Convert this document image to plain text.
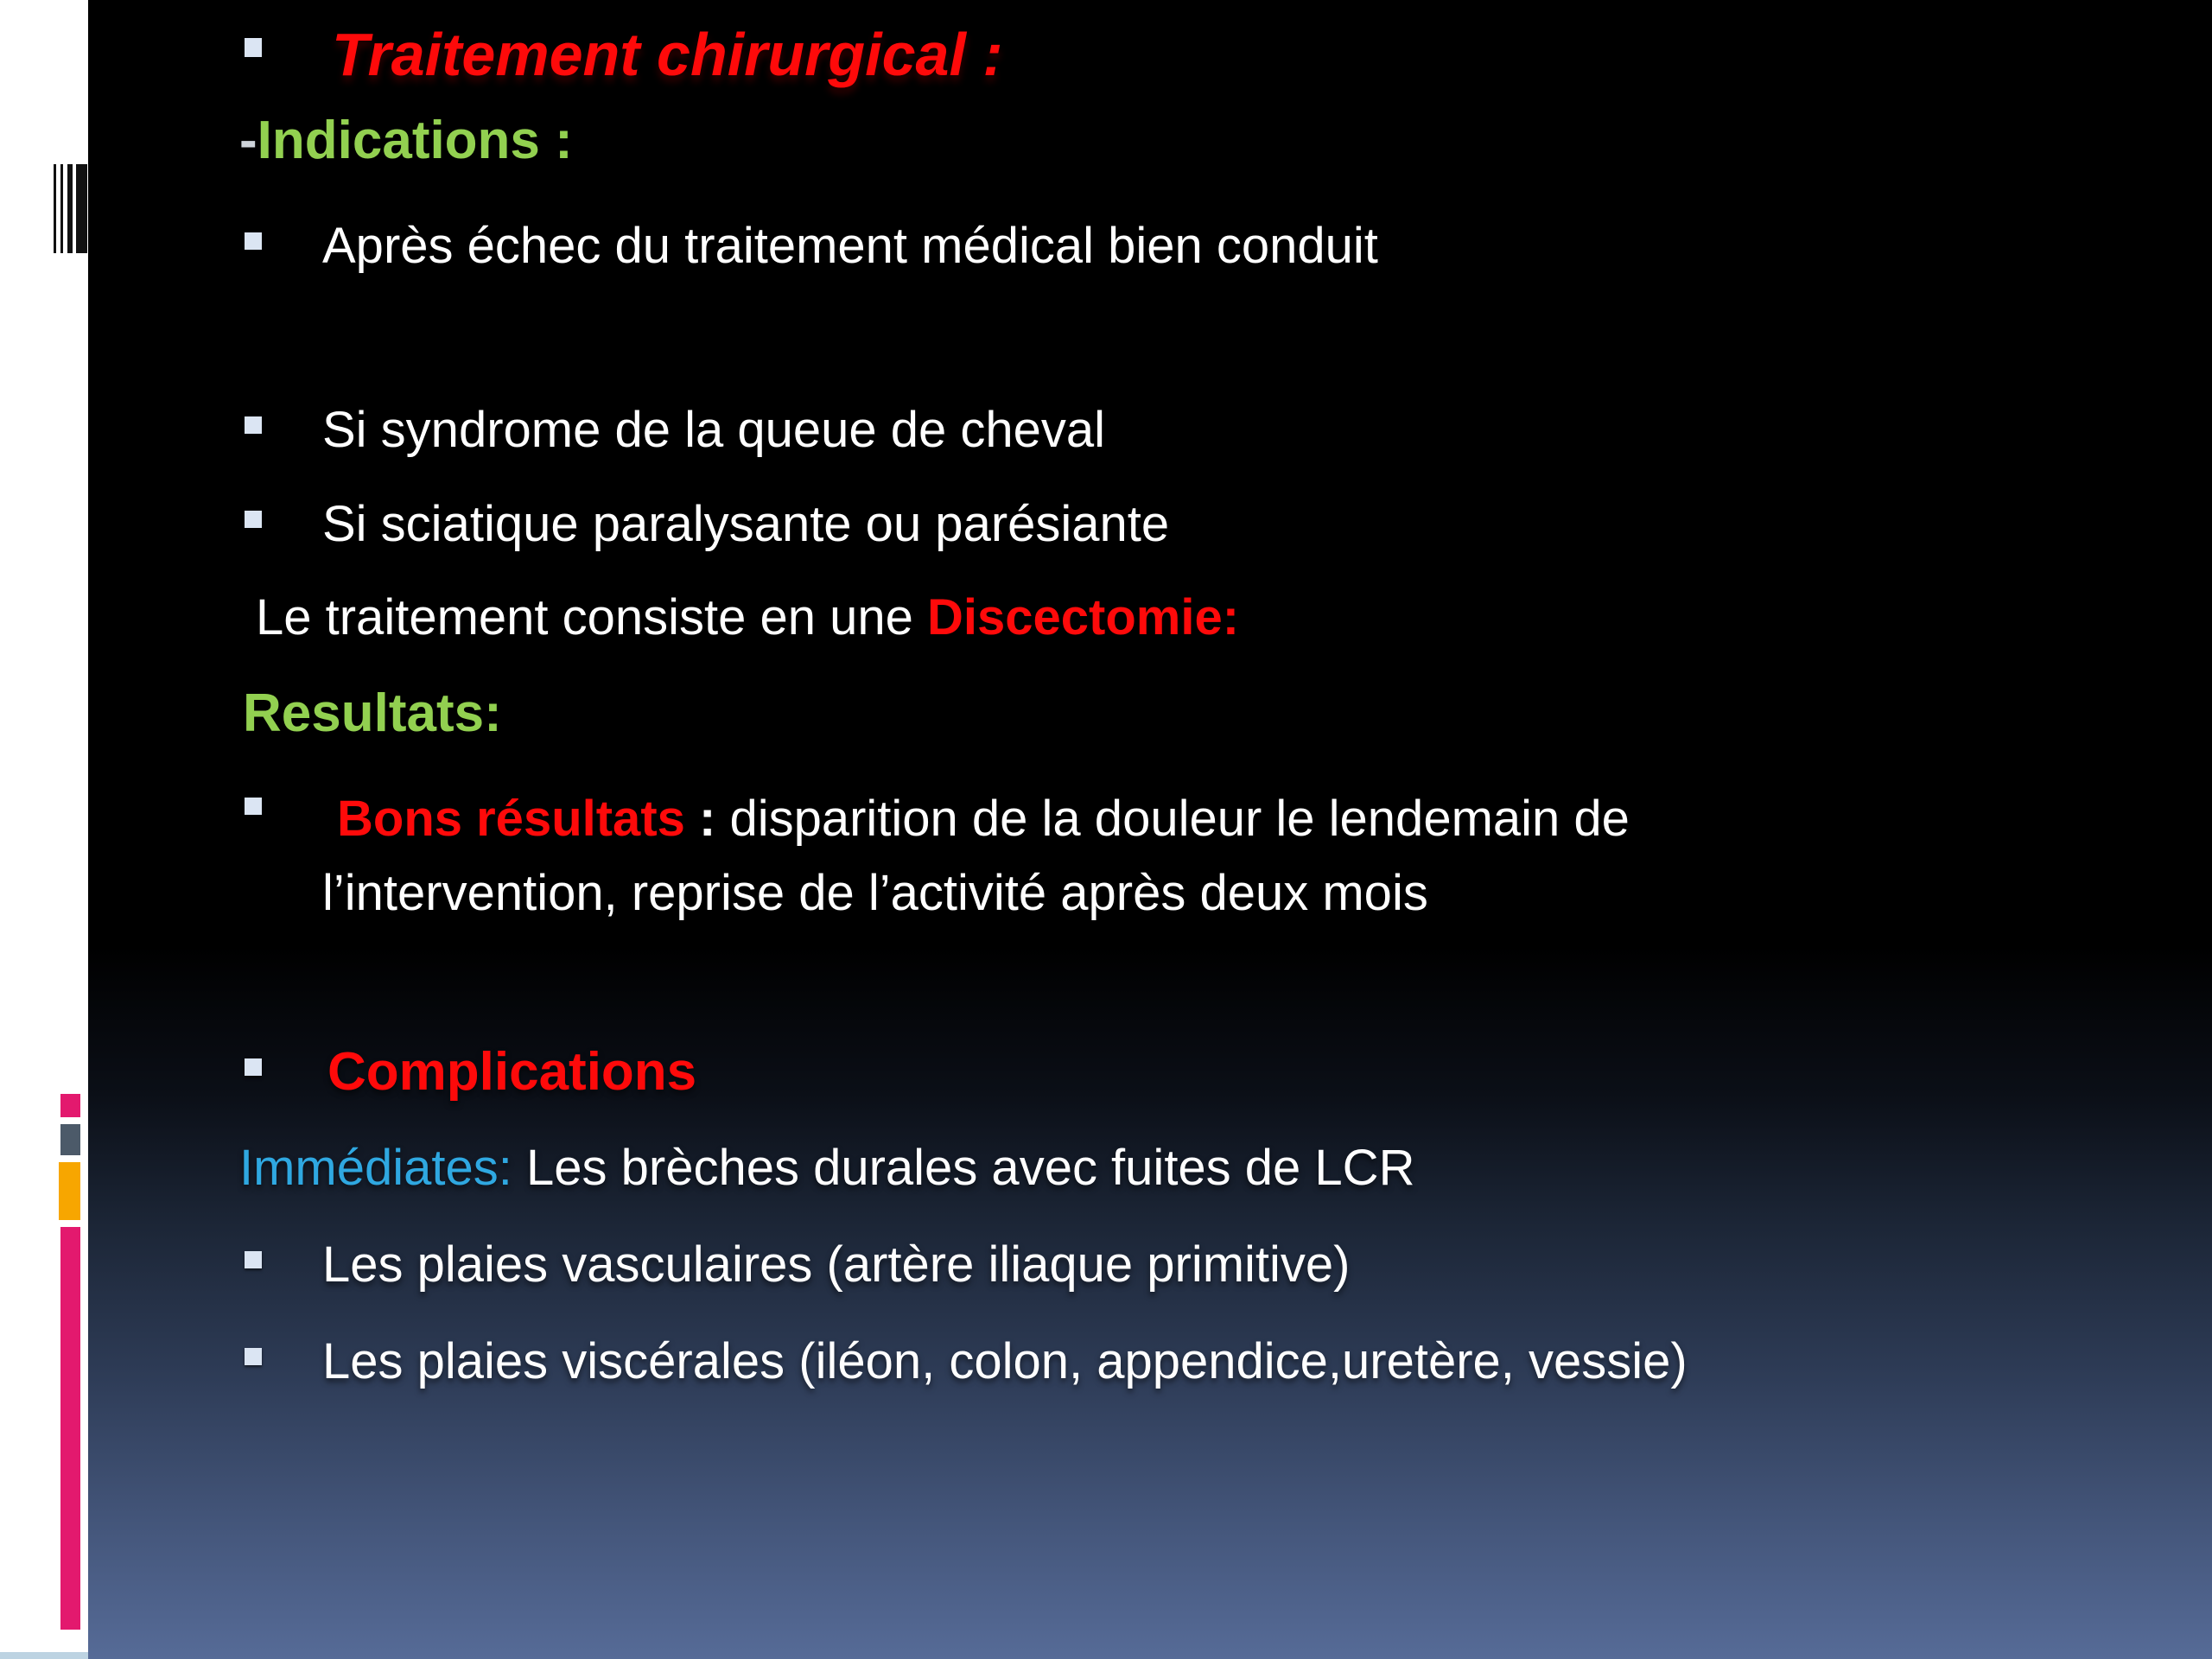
Traitement chirurgical :
-Indications :
Après échec du traitement médical bien conduit
Si syndrome de la queue de cheval
Si sciatique paralysante ou parésiante
Le traitement consiste en une Discectomie:
Resultats:
Bons résultats : disparition de la douleur le lendemain de
l’intervention, reprise de l’activité après deux mois
Complications
Immédiates: Les brèches durales avec fuites de LCR
Les plaies vasculaires (artère iliaque primitive)
Les plaies viscérales (iléon, colon, appendice,uretère, vessie)
